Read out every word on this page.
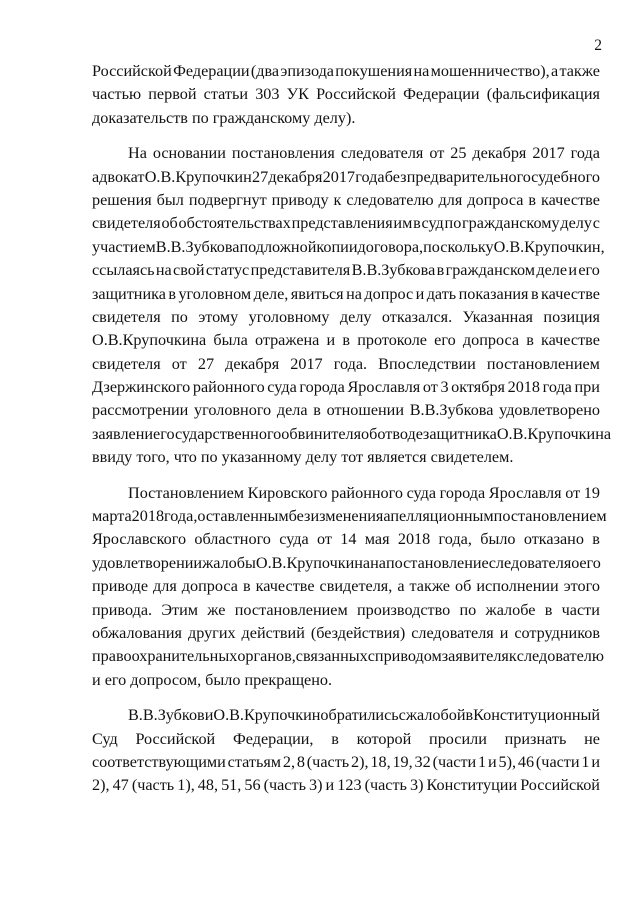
2
Российской Федерации (два эпизода покушения на мошенничество), а также
частью первой статьи 303 УК Российской Федерации (фальсификация
доказательств по гражданскому делу).
На основании постановления следователя от 25 декабря 2017 года
адвокат О.В.Крупочкин 27 декабря 2017 года без предварительного судебного
решения был подвергнут приводу к следователю для допроса в качестве
свидетеля об обстоятельствах представления им в суд по гражданскому делу с
участием В.В.Зубкова подложной копии договора, поскольку О.В.Крупочкин,
ссылаясь на свой статус представителя В.В.Зубкова в гражданском деле и его
защитника в уголовном деле, явиться на допрос и дать показания в качестве
свидетеля по этому уголовному делу отказался. Указанная позиция
О.В.Крупочкина была отражена и в протоколе его допроса в качестве
свидетеля от 27 декабря 2017 года. Впоследствии постановлением
Дзержинского районного суда города Ярославля от 3 октября 2018 года при
рассмотрении уголовного дела в отношении В.В.Зубкова удовлетворено
заявление государственного обвинителя об отводе защитника О.В.Крупочкина
ввиду того, что по указанному делу тот является свидетелем.
Постановлением Кировского районного суда города Ярославля от 19
марта 2018 года, оставленным без изменения апелляционным постановлением
Ярославского областного суда от 14 мая 2018 года, было отказано в
удовлетворении жалобы О.В.Крупочкина на постановление следователя о его
приводе для допроса в качестве свидетеля, а также об исполнении этого
привода. Этим же постановлением производство по жалобе в части
обжалования других действий (бездействия) следователя и сотрудников
правоохранительных органов, связанных с приводом заявителя к следователю
и его допросом, было прекращено.
В.В.Зубков и О.В.Крупочкин обратились с жалобой в Конституционный
Суд Российской Федерации, в которой просили признать не
соответствующими статьям 2, 8 (часть 2), 18, 19, 32 (части 1 и 5), 46 (части 1 и
2), 47 (часть 1), 48, 51, 56 (часть 3) и 123 (часть 3) Конституции Российской
